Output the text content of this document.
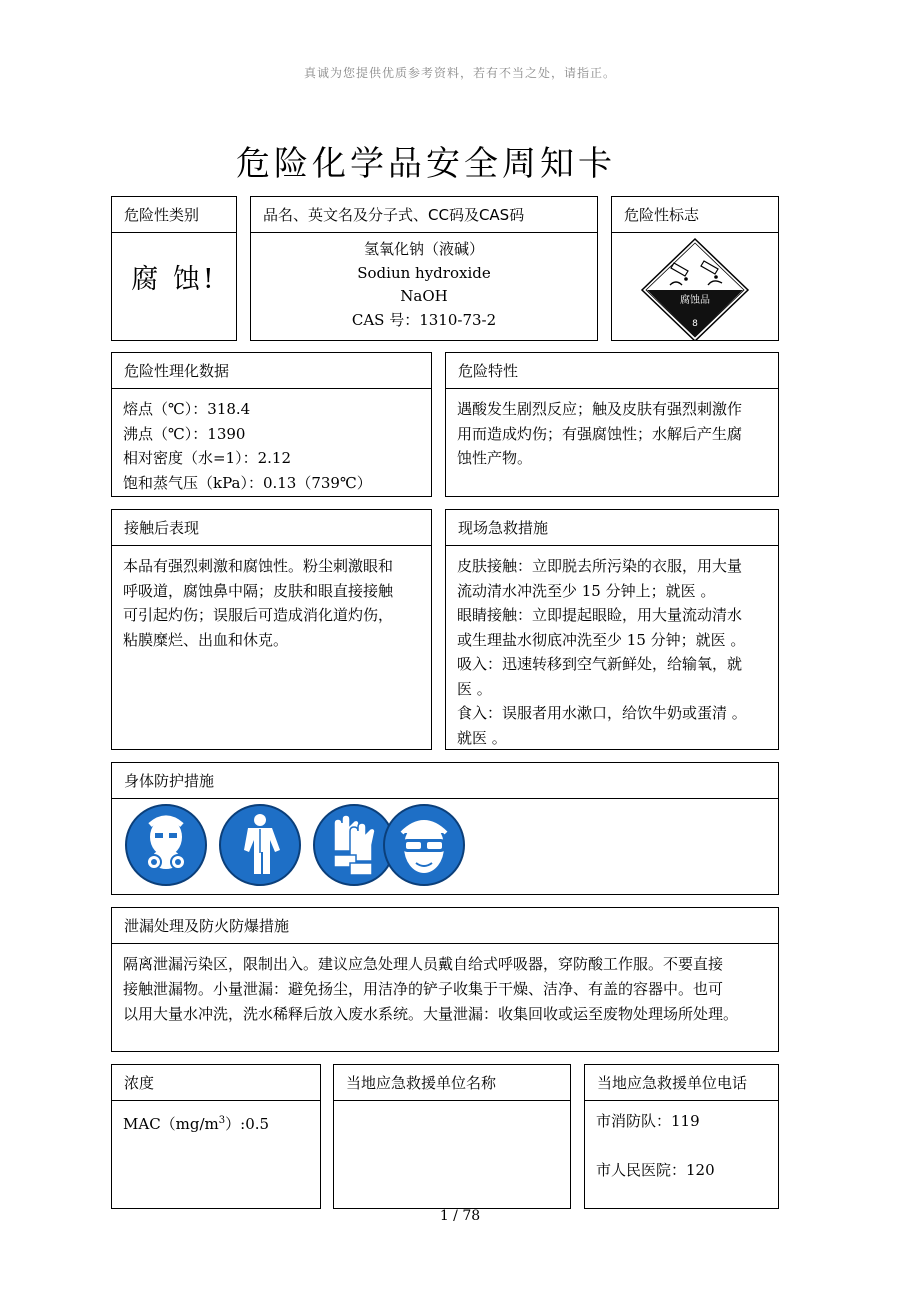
真诚为您提供优质参考资料，若有不当之处，请指正。
危险化学品安全周知卡
危险性类别
腐 蚀!
品名、英文名及分子式、CC码及CAS码
氢氧化钠（液碱）
Sodiun hydroxide
NaOH
CAS 号：1310-73-2
危险性标志
腐蚀品
8
危险性理化数据
熔点（℃）：318.4
沸点（℃）：1390
相对密度（水=1）：2.12
饱和蒸气压（kPa）：0.13（739℃）
危险特性
遇酸发生剧烈反应；触及皮肤有强烈刺激作
用而造成灼伤；有强腐蚀性；水解后产生腐
蚀性产物。
接触后表现
本品有强烈刺激和腐蚀性。粉尘刺激眼和
呼吸道，腐蚀鼻中隔；皮肤和眼直接接触
可引起灼伤；误服后可造成消化道灼伤，
粘膜糜烂、出血和休克。
现场急救措施
皮肤接触：立即脱去所污染的衣服，用大量
流动清水冲洗至少 15 分钟上；就医 。
眼睛接触：立即提起眼睑，用大量流动清水
或生理盐水彻底冲洗至少 15 分钟；就医 。
吸入：迅速转移到空气新鲜处，给输氧，就
医 。
食入：误服者用水漱口，给饮牛奶或蛋清 。
就医 。
身体防护措施
泄漏处理及防火防爆措施
隔离泄漏污染区，限制出入。建议应急处理人员戴自给式呼吸器，穿防酸工作服。不要直接
接触泄漏物。小量泄漏：避免扬尘，用洁净的铲子收集于干燥、洁净、有盖的容器中。也可
以用大量水冲洗，洗水稀释后放入废水系统。大量泄漏：收集回收或运至废物处理场所处理。
浓度
$MAC(mg/m^3):0.5$
当地应急救援单位名称	当地应急救援单位电话
市消防队：119
市人民医院：120
1 / 78
